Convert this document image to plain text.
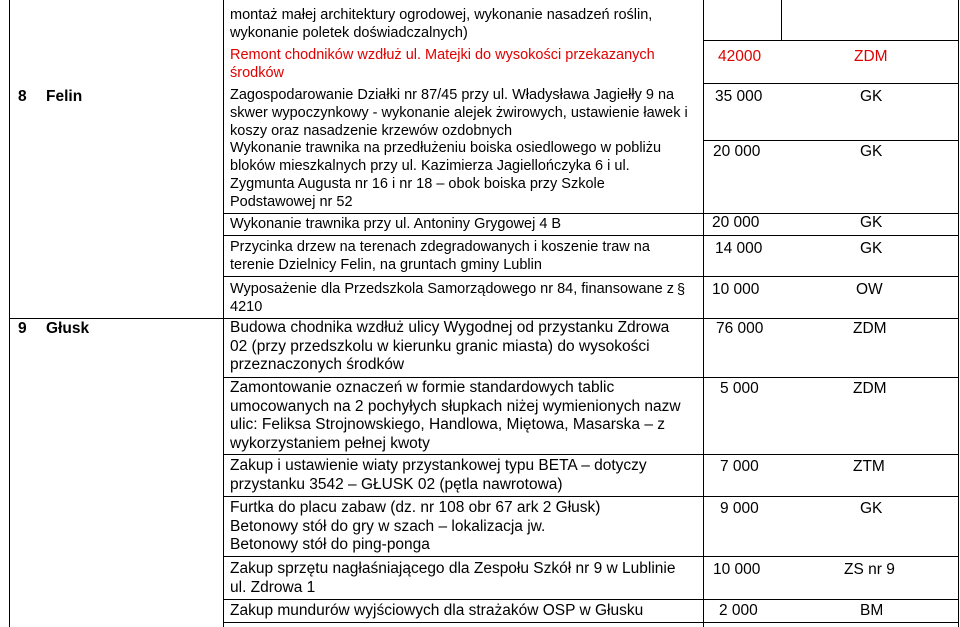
montaż małej architektury ogrodowej, wykonanie nasadzeń roślin,
wykonanie poletek doświadczalnych)
Remont chodników wzdłuż ul. Matejki do wysokości przekazanych
środków
42000	ZDM
8 Felin	Zagospodarowanie Działki nr 87/45 przy ul. Władysława Jagiełły 9 na
skwer wypoczynkowy - wykonanie alejek żwirowych, ustawienie ławek i
koszy oraz nasadzenie krzewów ozdobnych
35 000	GK
Wykonanie trawnika na przedłużeniu boiska osiedlowego w pobliżu
bloków mieszkalnych przy ul. Kazimierza Jagiellończyka 6 i ul.
Zygmunta Augusta nr 16 i nr 18 – obok boiska przy Szkole
Podstawowej nr 52
20 000	GK
Wykonanie trawnika przy ul. Antoniny Grygowej 4 B	20 000	GK
Przycinka drzew na terenach zdegradowanych i koszenie traw na
terenie Dzielnicy Felin, na gruntach gminy Lublin
14 000	GK
Wyposażenie dla Przedszkola Samorządowego nr 84, finansowane z
4210
§ 10 000	OW
9 Głusk	Budowa chodnika wzdłuż ulicy Wygodnej od przystanku Zdrowa
02 (przy przedszkolu w kierunku granic miasta) do wysokości
przeznaczonych środków
76 000	ZDM
Zamontowanie oznaczeń w formie standardowych tablic
umocowanych na 2 pochyłych słupkach niżej wymienionych nazw
ulic: Feliksa Strojnowskiego, Handlowa, Miętowa, Masarska – z
wykorzystaniem pełnej kwoty
5 000	ZDM
Zakup i ustawienie wiaty przystankowej typu BETA – dotyczy
przystanku 3542 – GŁUSK 02 (pętla nawrotowa)
7 000	ZTM
Furtka do placu zabaw (dz. nr 108 obr 67 ark 2 Głusk)
Betonowy stół do gry w szach – lokalizacja jw.
Betonowy stół do ping-ponga
9 000	GK
Zakup sprzętu nagłaśniającego dla Zespołu Szkół nr 9 w Lublinie
ul. Zdrowa 1
10 000	ZS nr 9
Zakup mundurów wyjściowych dla strażaków OSP w Głusku	2 000	BM
